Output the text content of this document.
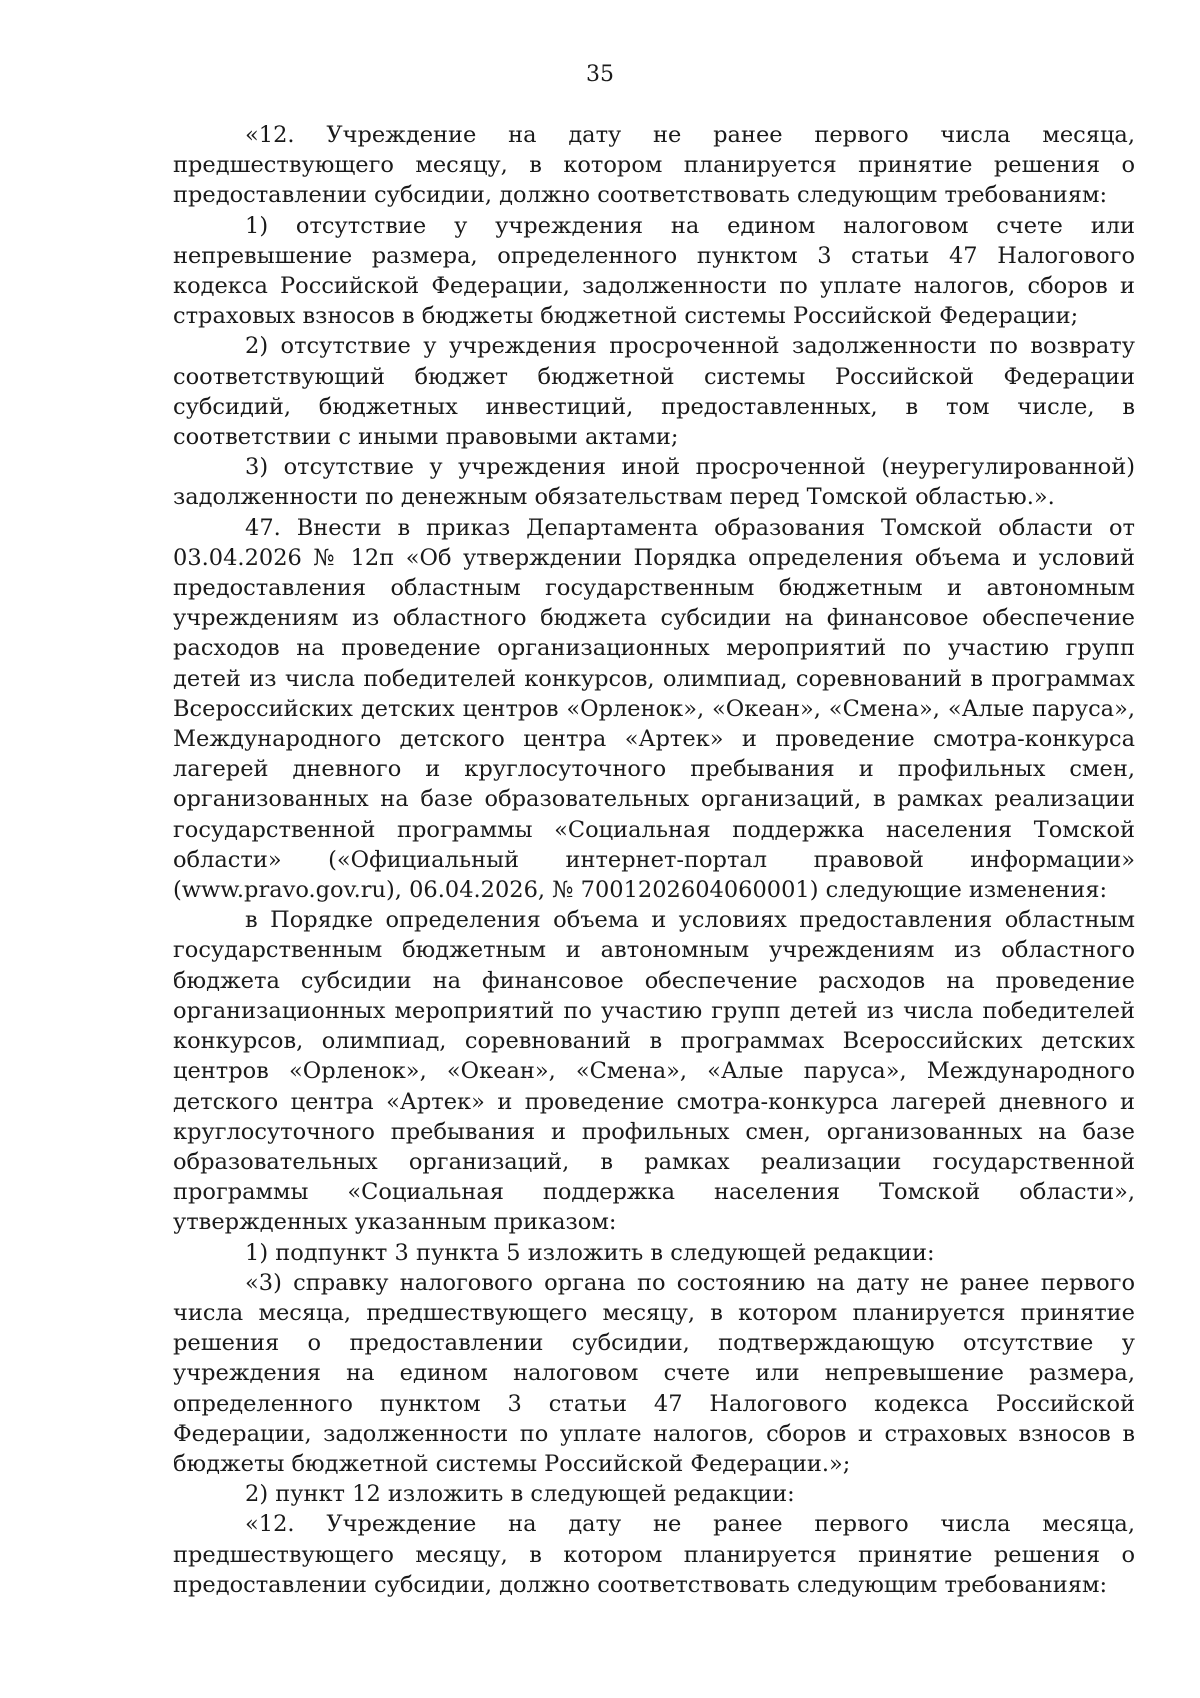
35

«12. Учреждение на дату не ранее первого числа месяца, предшествующего месяцу, в котором планируется принятие решения о предоставлении субсидии, должно соответствовать следующим требованиям:

1) отсутствие у учреждения на едином налоговом счете или непревышение размера, определенного пунктом 3 статьи 47 Налогового кодекса Российской Федерации, задолженности по уплате налогов, сборов и страховых взносов в бюджеты бюджетной системы Российской Федерации;

2) отсутствие у учреждения просроченной задолженности по возврату соответствующий бюджет бюджетной системы Российской Федерации субсидий, бюджетных инвестиций, предоставленных, в том числе, в соответствии с иными правовыми актами;

3) отсутствие у учреждения иной просроченной (неурегулированной) задолженности по денежным обязательствам перед Томской областью.».

47. Внести в приказ Департамента образования Томской области от 03.04.2026 № 12п «Об утверждении Порядка определения объема и условий предоставления областным государственным бюджетным и автономным учреждениям из областного бюджета субсидии на финансовое обеспечение расходов на проведение организационных мероприятий по участию групп детей из числа победителей конкурсов, олимпиад, соревнований в программах Всероссийских детских центров «Орленок», «Океан», «Смена», «Алые паруса», Международного детского центра «Артек» и проведение смотра-конкурса лагерей дневного и круглосуточного пребывания и профильных смен, организованных на базе образовательных организаций, в рамках реализации государственной программы «Социальная поддержка населения Томской области» («Официальный интернет-портал правовой информации» (www.pravo.gov.ru), 06.04.2026, № 7001202604060001) следующие изменения:

в Порядке определения объема и условиях предоставления областным государственным бюджетным и автономным учреждениям из областного бюджета субсидии на финансовое обеспечение расходов на проведение организационных мероприятий по участию групп детей из числа победителей конкурсов, олимпиад, соревнований в программах Всероссийских детских центров «Орленок», «Океан», «Смена», «Алые паруса», Международного детского центра «Артек» и проведение смотра-конкурса лагерей дневного и круглосуточного пребывания и профильных смен, организованных на базе образовательных организаций, в рамках реализации государственной программы «Социальная поддержка населения Томской области», утвержденных указанным приказом:

1) подпункт 3 пункта 5 изложить в следующей редакции:

«3) справку налогового органа по состоянию на дату не ранее первого числа месяца, предшествующего месяцу, в котором планируется принятие решения о предоставлении субсидии, подтверждающую отсутствие у учреждения на едином налоговом счете или непревышение размера, определенного пунктом 3 статьи 47 Налогового кодекса Российской Федерации, задолженности по уплате налогов, сборов и страховых взносов в бюджеты бюджетной системы Российской Федерации.»;

2) пункт 12 изложить в следующей редакции:

«12. Учреждение на дату не ранее первого числа месяца, предшествующего месяцу, в котором планируется принятие решения о предоставлении субсидии, должно соответствовать следующим требованиям:
